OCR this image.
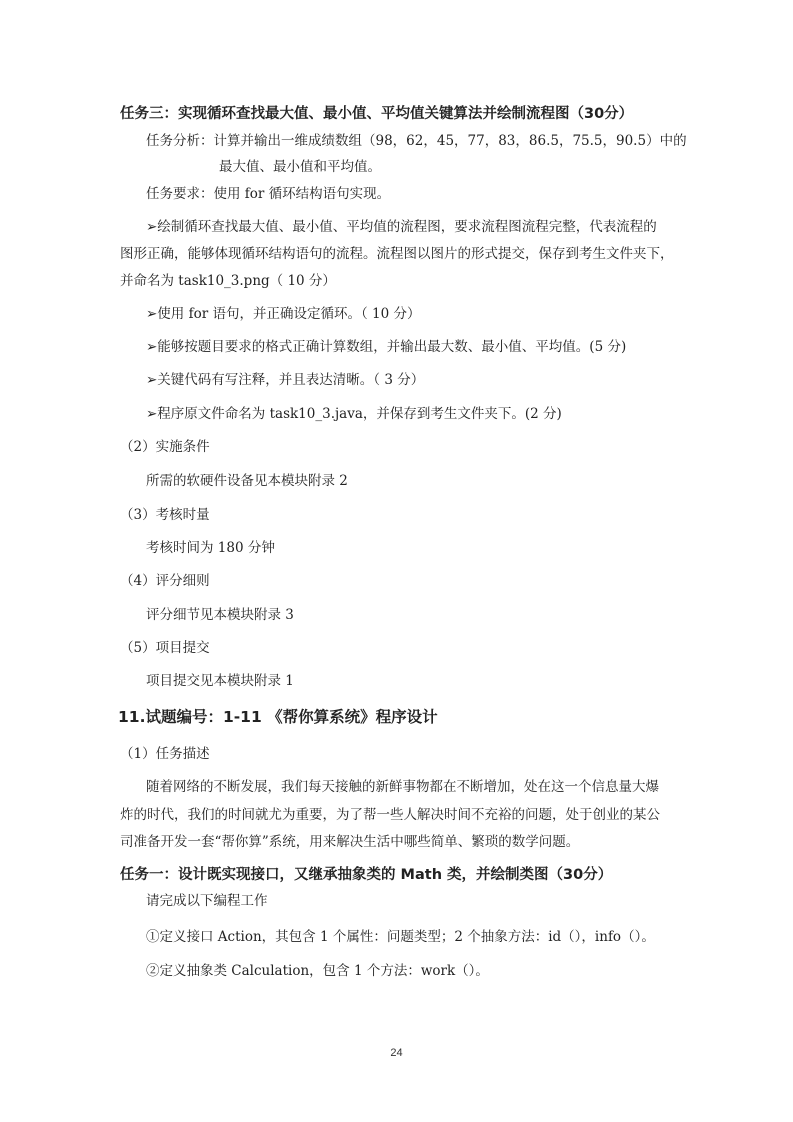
任务三：实现循环查找最大值、最小值、平均值关键算法并绘制流程图（30分）
任务分析：计算并输出一维成绩数组（98，62，45，77，83，86.5，75.5，90.5）中的
最大值、最小值和平均值。
任务要求：使用 for 循环结构语句实现。
➢绘制循环查找最大值、最小值、平均值的流程图，要求流程图流程完整，代表流程的
图形正确，能够体现循环结构语句的流程。流程图以图片的形式提交，保存到考生文件夹下，
并命名为 task10_3.png（ 10 分）
➢使用 for 语句，并正确设定循环。（ 10 分）
➢能够按题目要求的格式正确计算数组，并输出最大数、最小值、平均值。(5 分)
➢关键代码有写注释，并且表达清晰。（ 3 分）
➢程序原文件命名为 task10_3.java，并保存到考生文件夹下。(2 分)
（2）实施条件
所需的软硬件设备见本模块附录 2
（3）考核时量
考核时间为 180 分钟
（4）评分细则
评分细节见本模块附录 3
（5）项目提交
项目提交见本模块附录 1
11.试题编号：1-11 《帮你算系统》程序设计
（1）任务描述
随着网络的不断发展，我们每天接触的新鲜事物都在不断增加，处在这一个信息量大爆
炸的时代，我们的时间就尤为重要，为了帮一些人解决时间不充裕的问题，处于创业的某公
司准备开发一套“帮你算”系统，用来解决生活中哪些简单、繁琐的数学问题。
任务一：设计既实现接口，又继承抽象类的 Math 类，并绘制类图（30分）
请完成以下编程工作
①定义接口 Action，其包含 1 个属性：问题类型；2 个抽象方法：id（），info（）。
②定义抽象类 Calculation，包含 1 个方法：work（）。
24
